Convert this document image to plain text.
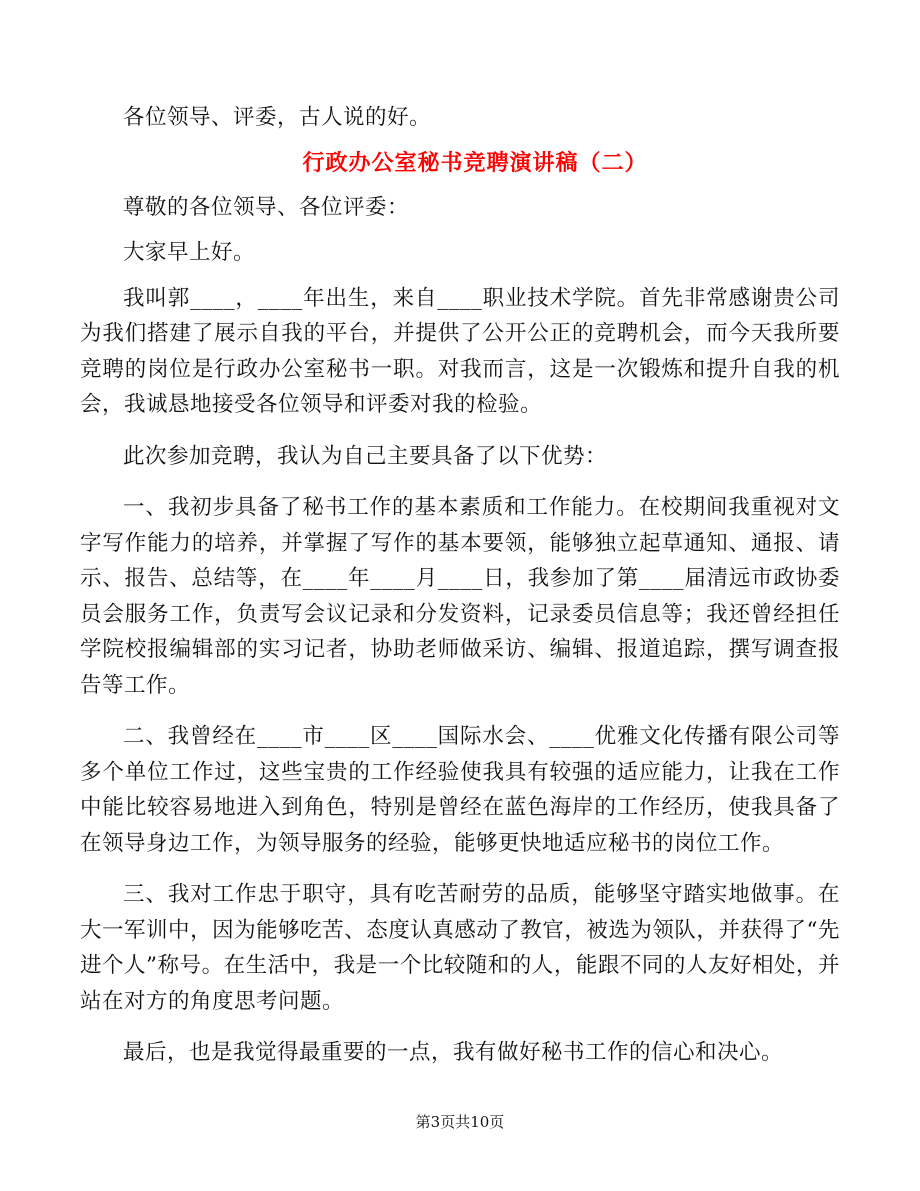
各位领导、评委，古人说的好。

行政办公室秘书竞聘演讲稿（二）

尊敬的各位领导、各位评委：

大家早上好。

我叫郭____，____年出生，来自____职业技术学院。首先非常感谢贵公司为我们搭建了展示自我的平台，并提供了公开公正的竞聘机会，而今天我所要竞聘的岗位是行政办公室秘书一职。对我而言，这是一次锻炼和提升自我的机会，我诚恳地接受各位领导和评委对我的检验。

此次参加竞聘，我认为自己主要具备了以下优势：

一、我初步具备了秘书工作的基本素质和工作能力。在校期间我重视对文字写作能力的培养，并掌握了写作的基本要领，能够独立起草通知、通报、请示、报告、总结等，在____年____月____日，我参加了第____届清远市政协委员会服务工作，负责写会议记录和分发资料，记录委员信息等；我还曾经担任学院校报编辑部的实习记者，协助老师做采访、编辑、报道追踪，撰写调查报告等工作。

二、我曾经在____市____区____国际水会、____优雅文化传播有限公司等多个单位工作过，这些宝贵的工作经验使我具有较强的适应能力，让我在工作中能比较容易地进入到角色，特别是曾经在蓝色海岸的工作经历，使我具备了在领导身边工作，为领导服务的经验，能够更快地适应秘书的岗位工作。

三、我对工作忠于职守，具有吃苦耐劳的品质，能够坚守踏实地做事。在大一军训中，因为能够吃苦、态度认真感动了教官，被选为领队，并获得了“先进个人”称号。在生活中，我是一个比较随和的人，能跟不同的人友好相处，并站在对方的角度思考问题。

最后，也是我觉得最重要的一点，我有做好秘书工作的信心和决心。

第3页共10页
